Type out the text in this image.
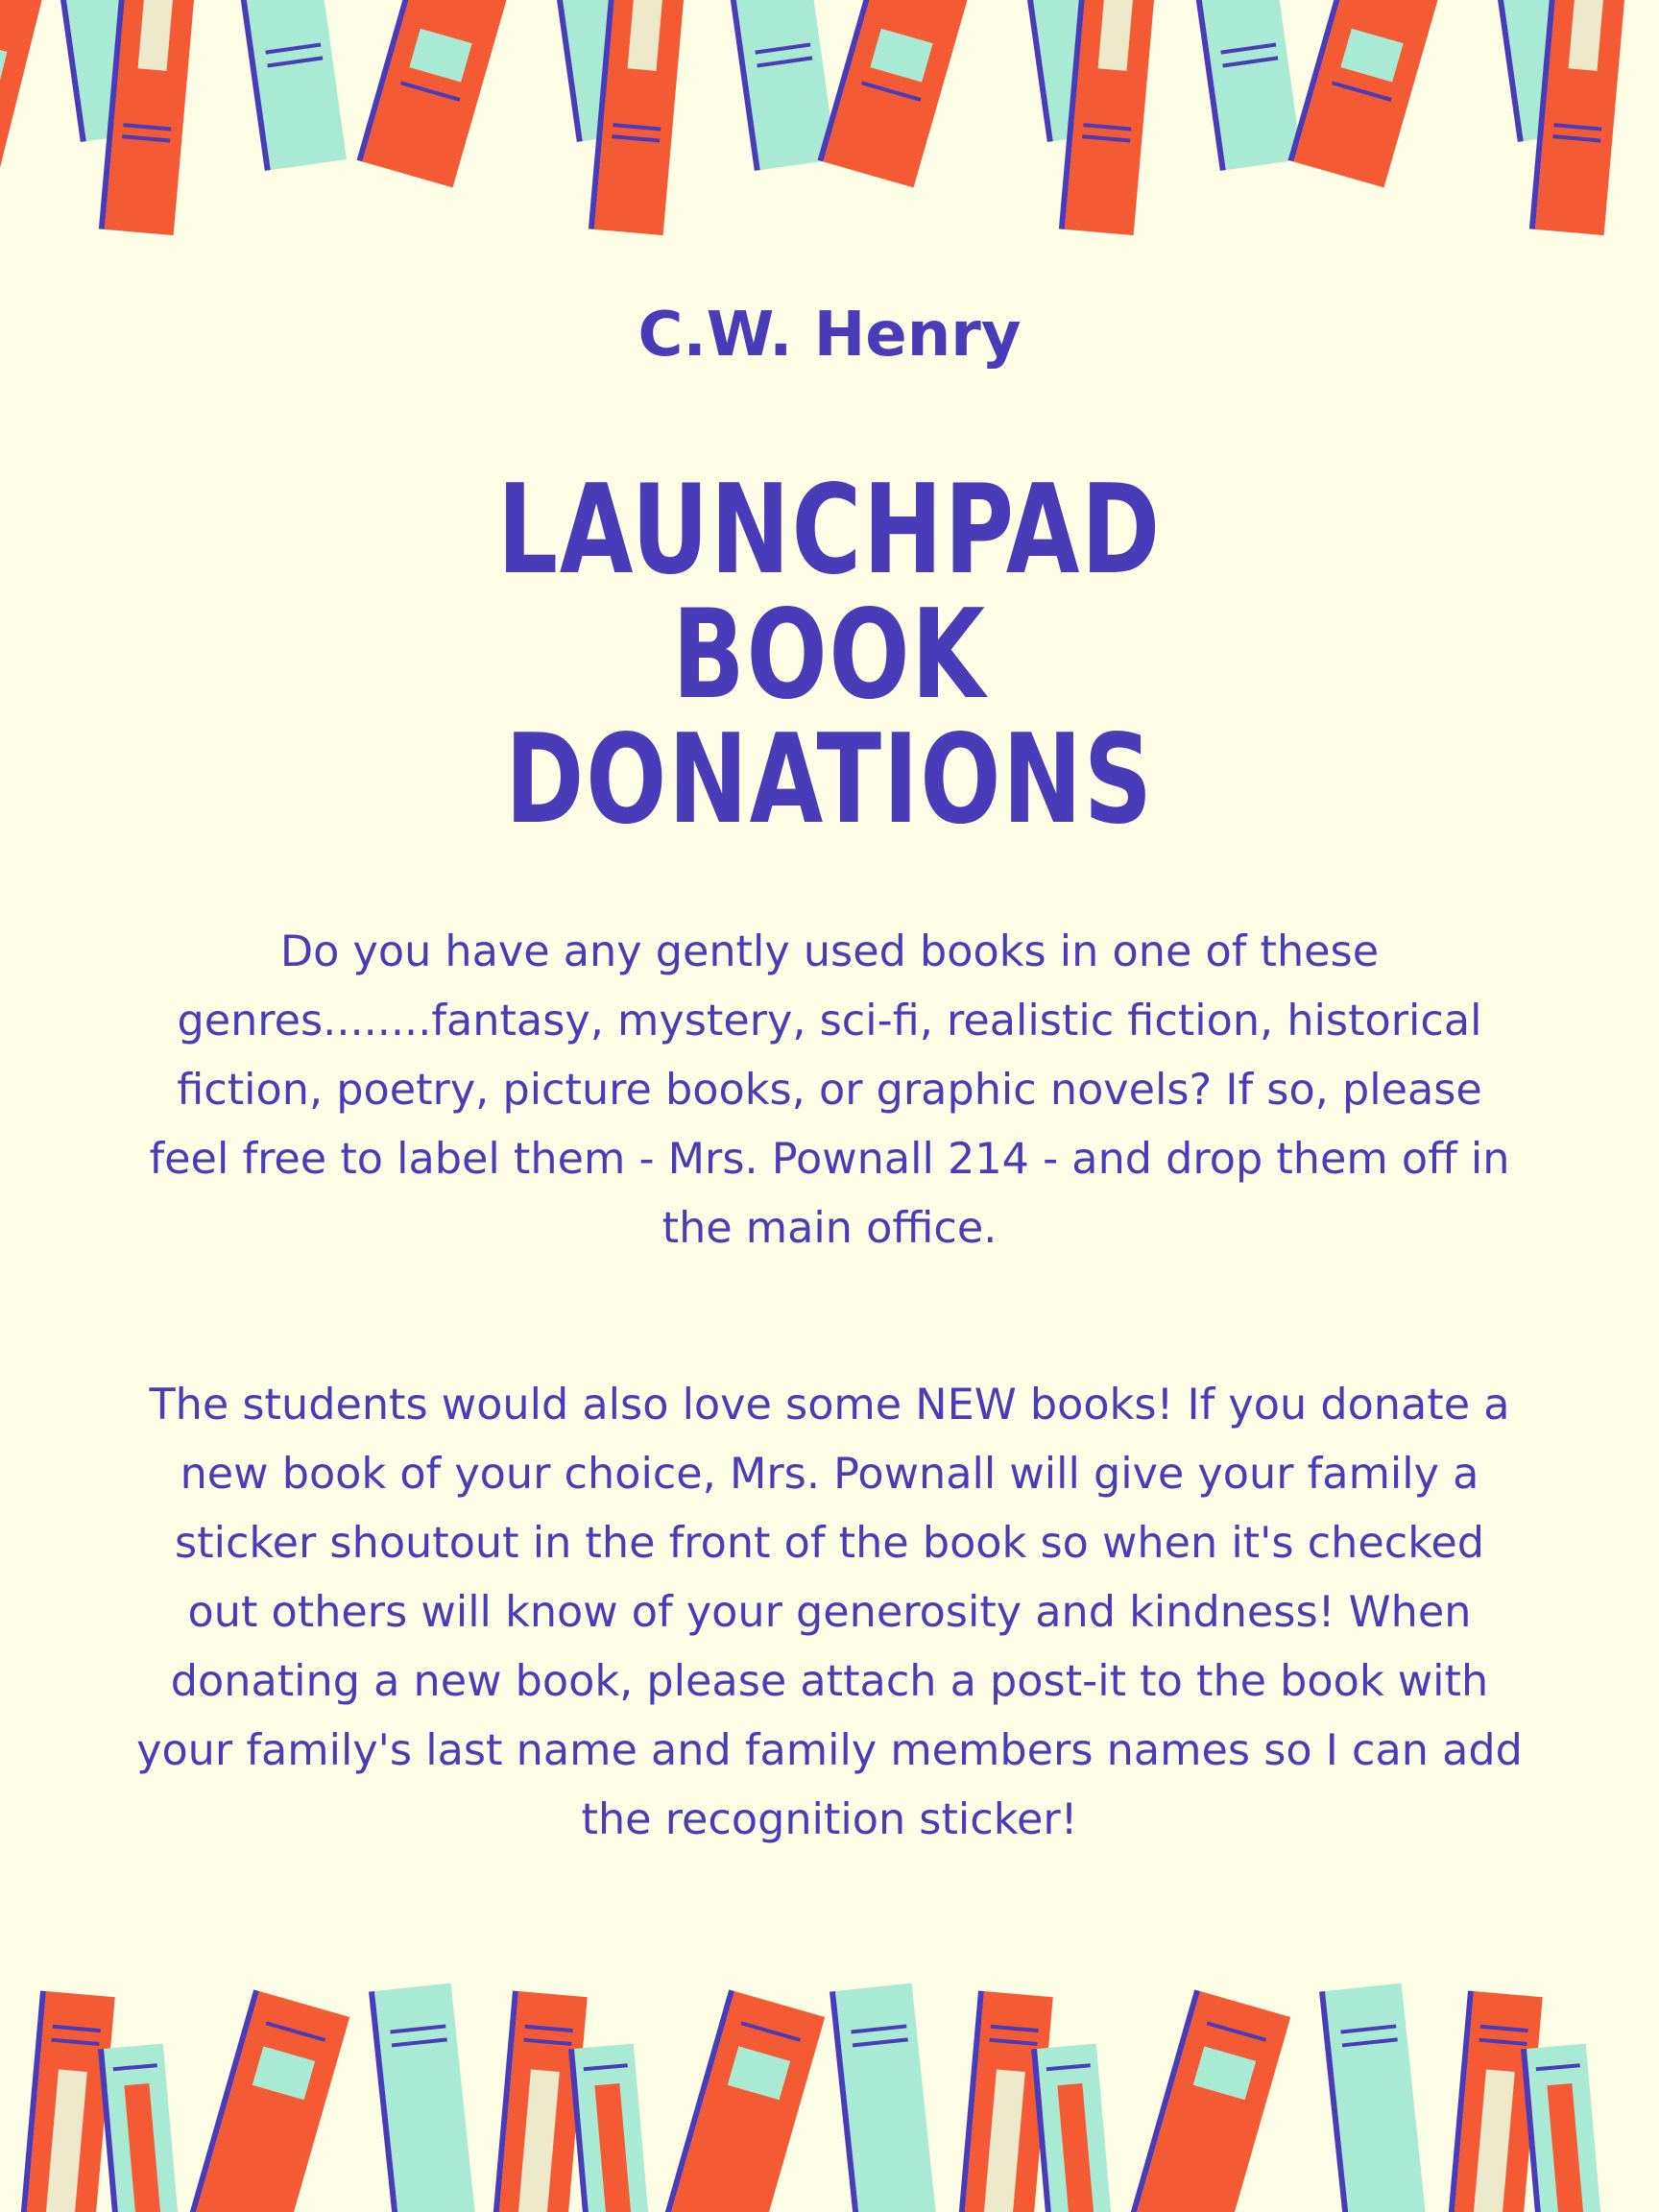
C.W. Henry
LAUNCHPAD
BOOK
DONATIONS

Do you have any gently used books in one of these genres........fantasy, mystery, sci-fi, realistic fiction, historical fiction, poetry, picture books, or graphic novels? If so, please feel free to label them - Mrs. Pownall 214 - and drop them off in the main office.

The students would also love some NEW books! If you donate a new book of your choice, Mrs. Pownall will give your family a sticker shoutout in the front of the book so when it's checked out others will know of your generosity and kindness! When donating a new book, please attach a post-it to the book with your family's last name and family members names so I can add the recognition sticker!
